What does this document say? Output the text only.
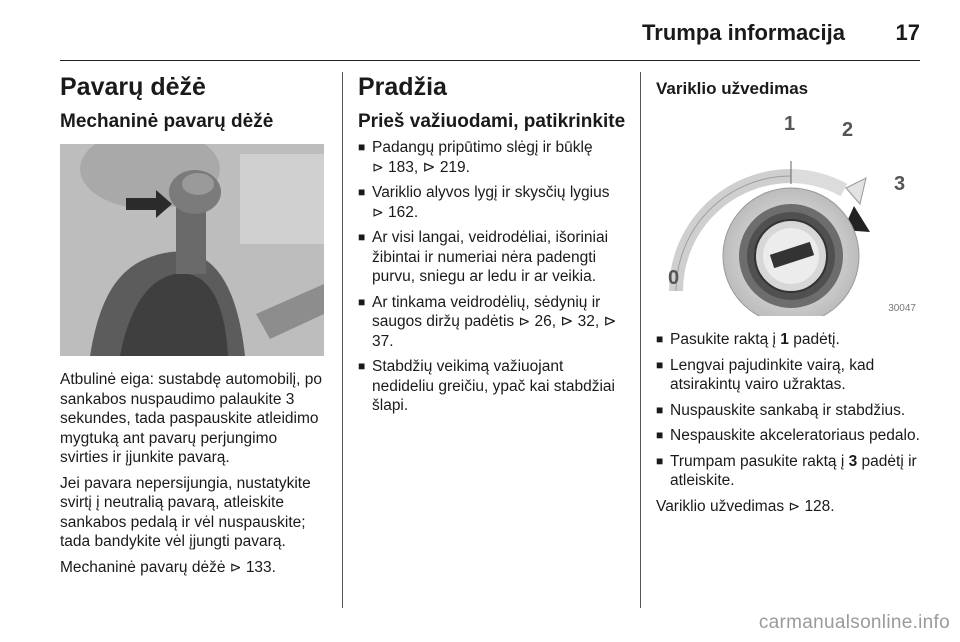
Trumpa informacija 17
Pavarų dėžė
Mechaninė pavarų dėžė

Atbulinė eiga: sustabdę automobilį, po sankabos nuspaudimo palaukite 3 sekundes, tada paspauskite atleidimo mygtuką ant pavarų perjungimo svirties ir įjunkite pavarą.

Jei pavara nepersijungia, nustatykite svirtį į neutralią pavarą, atleiskite sankabos pedalą ir vėl nuspauskite; tada bandykite vėl įjungti pavarą.

Mechaninė pavarų dėžė ⊳ 133.

Pradžia
Prieš važiuodami, patikrinkite
■ Padangų pripūtimo slėgį ir būklę
⊳ 183, ⊳ 219.
■ Variklio alyvos lygį ir skysčių lygius
⊳ 162.
■ Ar visi langai, veidrodėliai, išoriniai žibintai ir numeriai nėra padengti purvu, sniegu ar ledu ir ar veikia.
■ Ar tinkama veidrodėlių, sėdynių ir saugos diržų padėtis ⊳ 26, ⊳ 32, ⊳ 37.
■ Stabdžių veikimą važiuojant nedideliu greičiu, ypač kai stabdžiai šlapi.
Variklio užvedimas
0
1 2
3
30047
■ Pasukite raktą į 1 padėtį.
■ Lengvai pajudinkite vairą, kad atsirakintų vairo užraktas.
■ Nuspauskite sankabą ir stabdžius.
■ Nespauskite akceleratoriaus pedalo.
■ Trumpam pasukite raktą į 3 padėtį ir atleiskite.

Variklio užvedimas ⊳ 128.

carmanualsonline.info
